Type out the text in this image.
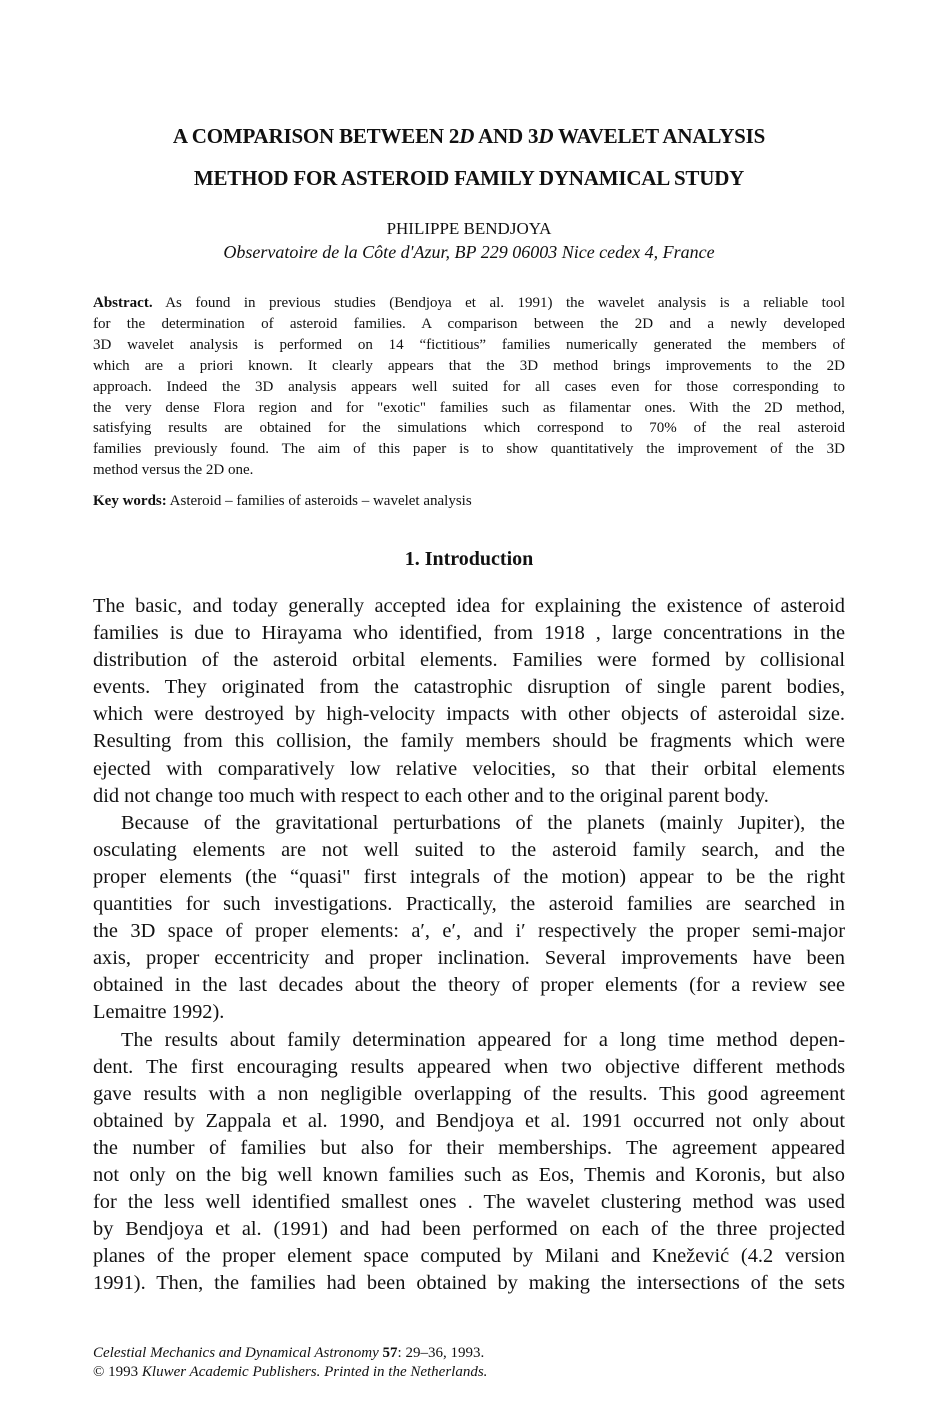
A COMPARISON BETWEEN 2D AND 3D WAVELET ANALYSIS
METHOD FOR ASTEROID FAMILY DYNAMICAL STUDY
PHILIPPE BENDJOYA
Observatoire de la Côte d'Azur, BP 229 06003 Nice cedex 4, France
Abstract. As found in previous studies (Bendjoya et al. 1991) the wavelet analysis is a reliable tool
for the determination of asteroid families. A comparison between the 2D and a newly developed
3D wavelet analysis is performed on 14 “fictitious” families numerically generated the members of
which are a priori known. It clearly appears that the 3D method brings improvements to the 2D
approach. Indeed the 3D analysis appears well suited for all cases even for those corresponding to
the very dense Flora region and for "exotic" families such as filamentar ones. With the 2D method,
satisfying results are obtained for the simulations which correspond to 70% of the real asteroid
families previously found. The aim of this paper is to show quantitatively the improvement of the 3D
method versus the 2D one.
Key words: Asteroid – families of asteroids – wavelet analysis
1. Introduction
The basic, and today generally accepted idea for explaining the existence of asteroid
families is due to Hirayama who identified, from 1918 , large concentrations in the
distribution of the asteroid orbital elements. Families were formed by collisional
events. They originated from the catastrophic disruption of single parent bodies,
which were destroyed by high-velocity impacts with other objects of asteroidal size.
Resulting from this collision, the family members should be fragments which were
ejected with comparatively low relative velocities, so that their orbital elements
did not change too much with respect to each other and to the original parent body.
Because of the gravitational perturbations of the planets (mainly Jupiter), the
osculating elements are not well suited to the asteroid family search, and the
proper elements (the “quasi" first integrals of the motion) appear to be the right
quantities for such investigations. Practically, the asteroid families are searched in
the 3D space of proper elements: a′, e′, and i′ respectively the proper semi-major
axis, proper eccentricity and proper inclination. Several improvements have been
obtained in the last decades about the theory of proper elements (for a review see
Lemaitre 1992).
The results about family determination appeared for a long time method depen-
dent. The first encouraging results appeared when two objective different methods
gave results with a non negligible overlapping of the results. This good agreement
obtained by Zappala et al. 1990, and Bendjoya et al. 1991 occurred not only about
the number of families but also for their memberships. The agreement appeared
not only on the big well known families such as Eos, Themis and Koronis, but also
for the less well identified smallest ones . The wavelet clustering method was used
by Bendjoya et al. (1991) and had been performed on each of the three projected
planes of the proper element space computed by Milani and Knežević (4.2 version
1991). Then, the families had been obtained by making the intersections of the sets
Celestial Mechanics and Dynamical Astronomy 57: 29–36, 1993.
© 1993 Kluwer Academic Publishers. Printed in the Netherlands.
